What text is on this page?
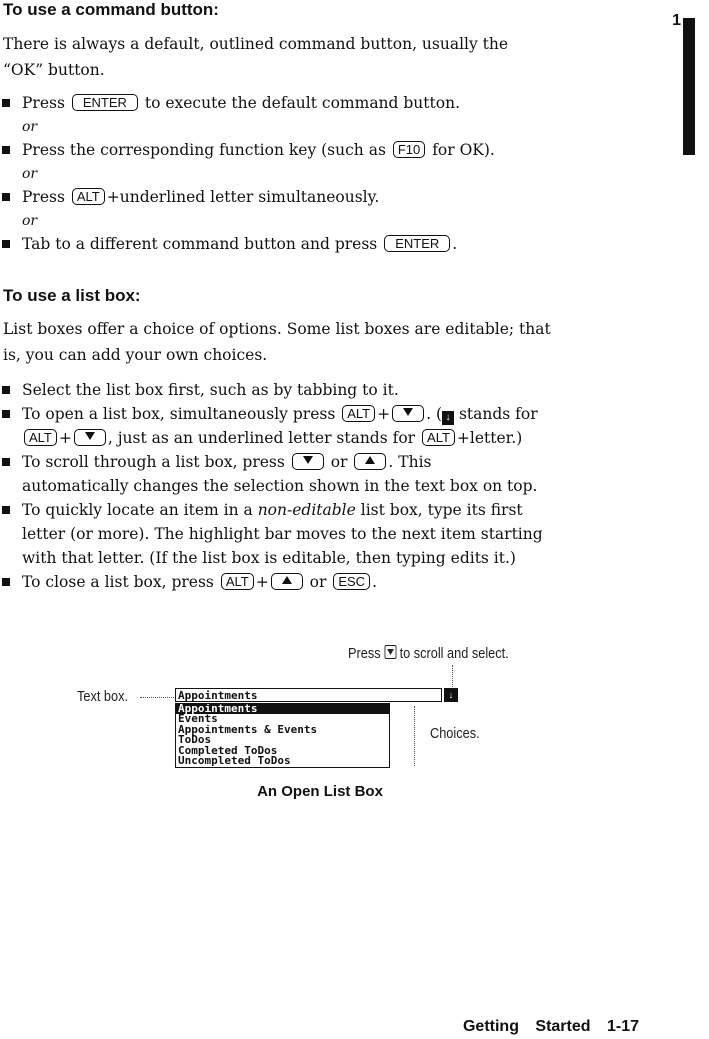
1
To use a command button:

There is always a default, outlined command button, usually the

“OK” button.

Press ENTER to execute the default command button.
or
Press the corresponding function key (such as F10 for OK).
or
Press ALT +underlined letter simultaneously.
or
Tab to a different command button and press ENTER .
To use a list box:

List boxes offer a choice of options. Some list boxes are editable; that

is, you can add your own choices.

Select the list box first, such as by tabbing to it.
To open a list box, simultaneously press ALT + . ( ↓ stands for
ALT + , just as an underlined letter stands for ALT +letter.)
To scroll through a list box, press	or	. This
automatically changes the selection shown in the text box on top.
To quickly locate an item in a non-editable list box, type its first
letter (or more). The highlight bar moves to the next item starting
with that letter. (If the list box is editable, then typing edits it.)
To close a list box, press ALT +	or ESC .
Press to scroll and select.
Text box.	Appointments	↓
Appointments
Events
Appointments & Events
ToDos
Completed ToDos
Uncompleted ToDos
Choices.
An Open List Box
Getting Started 1-17
